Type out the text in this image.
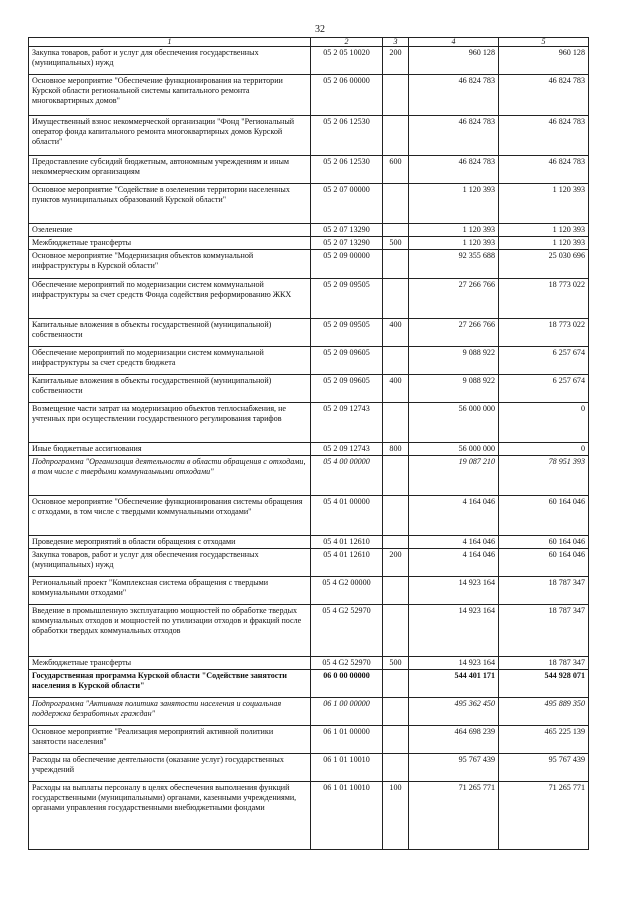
32
1	2	3	4	5
Закупка товаров, работ и услуг для обеспечения государственных (муниципальных) нужд	05 2 05 10020	200	960 128	960 128
Основное мероприятие "Обеспечение функционирования на территории Курской области региональной системы капитального ремонта многоквартирных домов"	05 2 06 00000		46 824 783	46 824 783
Имущественный взнос некоммерческой организации "Фонд "Региональный оператор фонда капитального ремонта многоквартирных домов Курской области"	05 2 06 12530		46 824 783	46 824 783
Предоставление субсидий бюджетным, автономным учреждениям и иным некоммерческим организациям	05 2 06 12530	600	46 824 783	46 824 783
Основное мероприятие "Содействие в озеленении территории населенных пунктов муниципальных образований Курской области"	05 2 07 00000		1 120 393	1 120 393
Озеленение	05 2 07 13290		1 120 393	1 120 393
Межбюджетные трансферты	05 2 07 13290	500	1 120 393	1 120 393
Основное мероприятие "Модернизация объектов коммунальной инфраструктуры в Курской области"	05 2 09 00000		92 355 688	25 030 696
Обеспечение мероприятий по модернизации систем коммунальной инфраструктуры за счет средств Фонда содействия реформированию ЖКХ	05 2 09 09505		27 266 766	18 773 022
Капитальные вложения в объекты государственной (муниципальной) собственности	05 2 09 09505	400	27 266 766	18 773 022
Обеспечение мероприятий по модернизации систем коммунальной инфраструктуры за счет средств бюджета	05 2 09 09605		9 088 922	6 257 674
Капитальные вложения в объекты государственной (муниципальной) собственности	05 2 09 09605	400	9 088 922	6 257 674
Возмещение части затрат на модернизацию объектов теплоснабжения, не учтенных при осуществлении государственного регулирования тарифов	05 2 09 12743		56 000 000	0
Иные бюджетные ассигнования	05 2 09 12743	800	56 000 000	0
Подпрограмма "Организация деятельности в области обращения с отходами, в том числе с твердыми коммунальными отходами"	05 4 00 00000		19 087 210	78 951 393
Основное мероприятие "Обеспечение функционирования системы обращения с отходами, в том числе с твердыми коммунальными отходами"	05 4 01 00000		4 164 046	60 164 046
Проведение мероприятий в области обращения с отходами	05 4 01 12610		4 164 046	60 164 046
Закупка товаров, работ и услуг для обеспечения государственных (муниципальных) нужд	05 4 01 12610	200	4 164 046	60 164 046
Региональный проект "Комплексная система обращения с твердыми коммунальными отходами"	05 4 G2 00000		14 923 164	18 787 347
Введение в промышленную эксплуатацию мощностей по обработке твердых коммунальных отходов и мощностей по утилизации отходов и фракций после обработки твердых коммунальных отходов	05 4 G2 52970		14 923 164	18 787 347
Межбюджетные трансферты	05 4 G2 52970	500	14 923 164	18 787 347
Государственная программа Курской области "Содействие занятости населения в Курской области"	06 0 00 00000		544 401 171	544 928 071
Подпрограмма "Активная политика занятости населения и социальная поддержка безработных граждан"	06 1 00 00000		495 362 450	495 889 350
Основное мероприятие "Реализация мероприятий активной политики занятости населения"	06 1 01 00000		464 698 239	465 225 139
Расходы на обеспечение деятельности (оказание услуг) государственных учреждений	06 1 01 10010		95 767 439	95 767 439
Расходы на выплаты персоналу в целях обеспечения выполнения функций государственными (муниципальными) органами, казенными учреждениями, органами управления государственными внебюджетными фондами	06 1 01 10010	100	71 265 771	71 265 771
